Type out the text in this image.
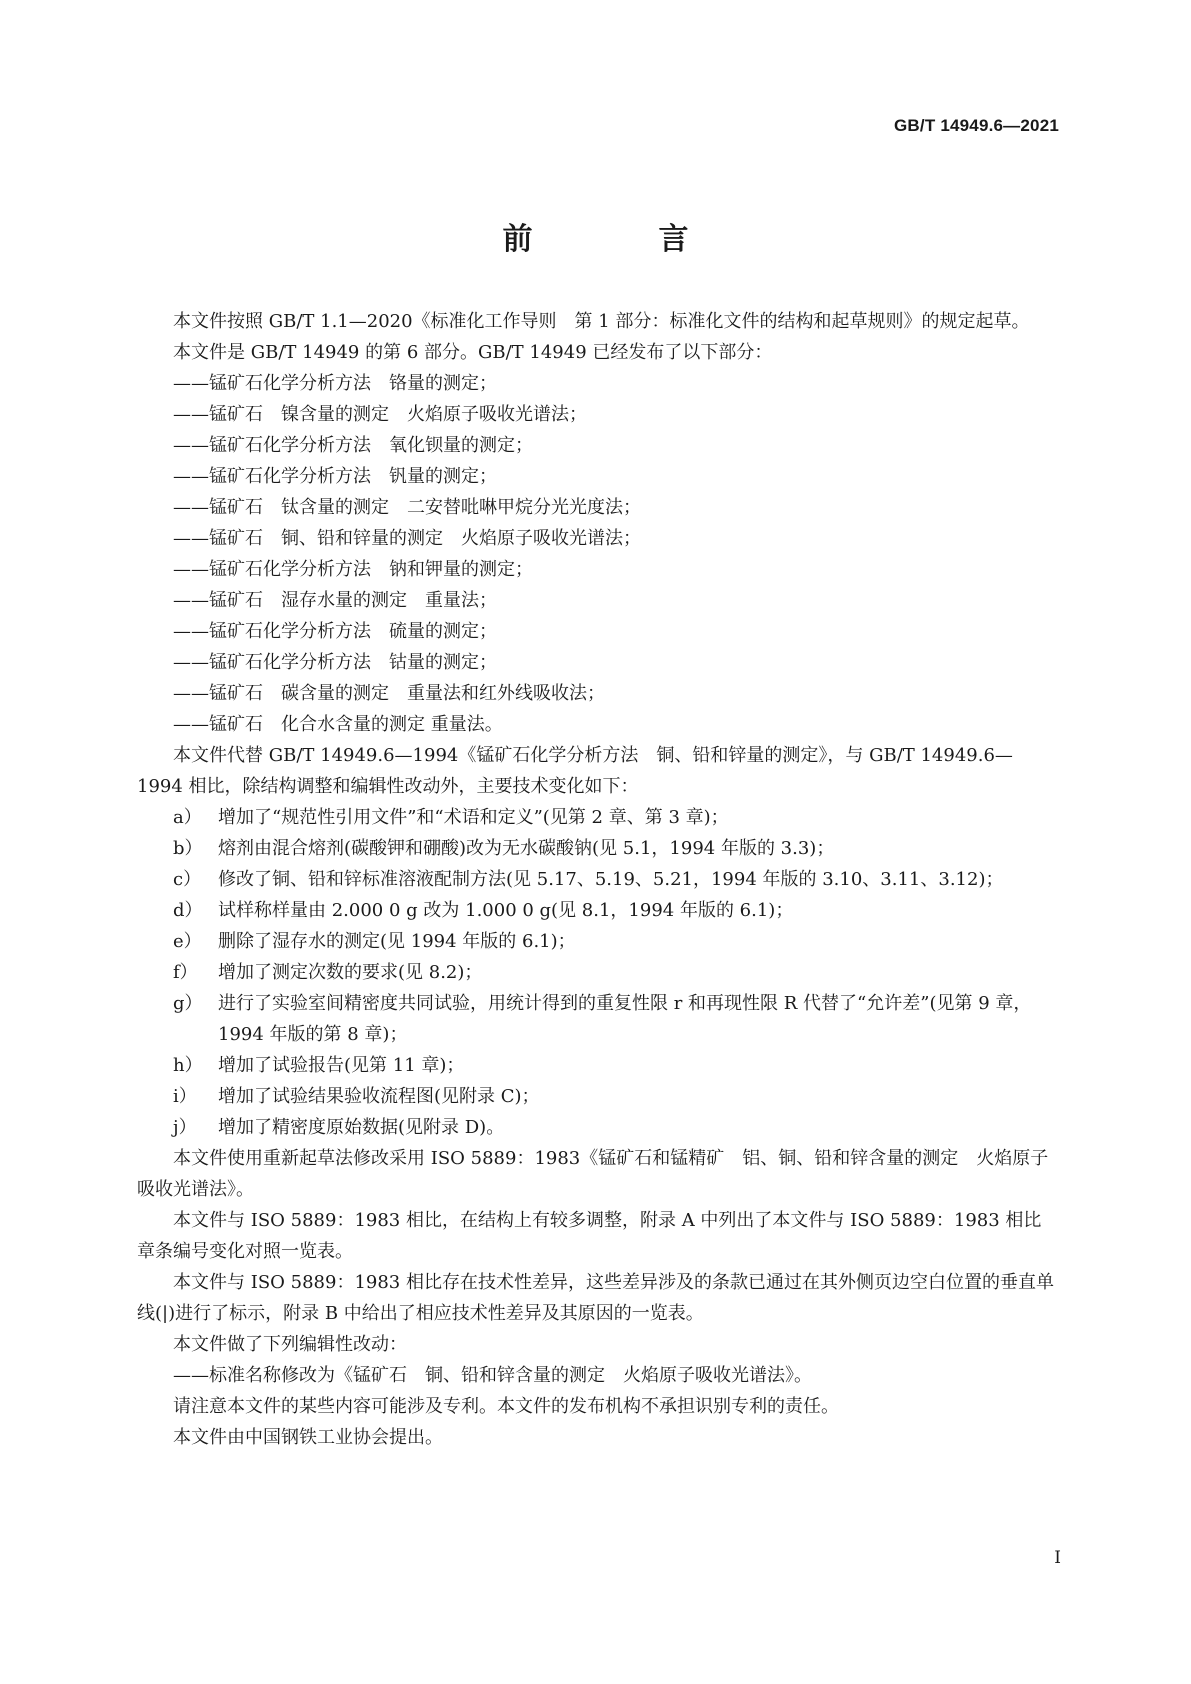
GB/T 14949.6—2021
前　言

本文件按照 GB/T 1.1—2020《标准化工作导则　第 1 部分：标准化文件的结构和起草规则》的规定起草。

本文件是 GB/T 14949 的第 6 部分。GB/T 14949 已经发布了以下部分：

——锰矿石化学分析方法　铬量的测定；

——锰矿石　镍含量的测定　火焰原子吸收光谱法；

——锰矿石化学分析方法　氧化钡量的测定；

——锰矿石化学分析方法　钒量的测定；

——锰矿石　钛含量的测定　二安替吡啉甲烷分光光度法；

——锰矿石　铜、铅和锌量的测定　火焰原子吸收光谱法；

——锰矿石化学分析方法　钠和钾量的测定；

——锰矿石　湿存水量的测定　重量法；

——锰矿石化学分析方法　硫量的测定；

——锰矿石化学分析方法　钴量的测定；

——锰矿石　碳含量的测定　重量法和红外线吸收法；

——锰矿石　化合水含量的测定 重量法。

本文件代替 GB/T 14949.6—1994《锰矿石化学分析方法　铜、铅和锌量的测定》，与 GB/T 14949.6—1994 相比，除结构调整和编辑性改动外，主要技术变化如下：

a） 增加了“规范性引用文件”和“术语和定义”(见第 2 章、第 3 章)；

b） 熔剂由混合熔剂(碳酸钾和硼酸)改为无水碳酸钠(见 5.1，1994 年版的 3.3)；

c） 修改了铜、铅和锌标准溶液配制方法(见 5.17、5.19、5.21，1994 年版的 3.10、3.11、3.12)；

d） 试样称样量由 2.000 0 g 改为 1.000 0 g(见 8.1，1994 年版的 6.1)；

e） 删除了湿存水的测定(见 1994 年版的 6.1)；

f） 增加了测定次数的要求(见 8.2)；

g） 进行了实验室间精密度共同试验，用统计得到的重复性限 r 和再现性限 R 代替了“允许差”(见第 9 章，1994 年版的第 8 章)；

h） 增加了试验报告(见第 11 章)；

i） 增加了试验结果验收流程图(见附录 C)；

j） 增加了精密度原始数据(见附录 D)。

本文件使用重新起草法修改采用 ISO 5889：1983《锰矿石和锰精矿　铝、铜、铅和锌含量的测定　火焰原子吸收光谱法》。

本文件与 ISO 5889：1983 相比，在结构上有较多调整，附录 A 中列出了本文件与 ISO 5889：1983 相比章条编号变化对照一览表。

本文件与 ISO 5889：1983 相比存在技术性差异，这些差异涉及的条款已通过在其外侧页边空白位置的垂直单线(|)进行了标示，附录 B 中给出了相应技术性差异及其原因的一览表。

本文件做了下列编辑性改动：

——标准名称修改为《锰矿石　铜、铅和锌含量的测定　火焰原子吸收光谱法》。

请注意本文件的某些内容可能涉及专利。本文件的发布机构不承担识别专利的责任。

本文件由中国钢铁工业协会提出。

I
